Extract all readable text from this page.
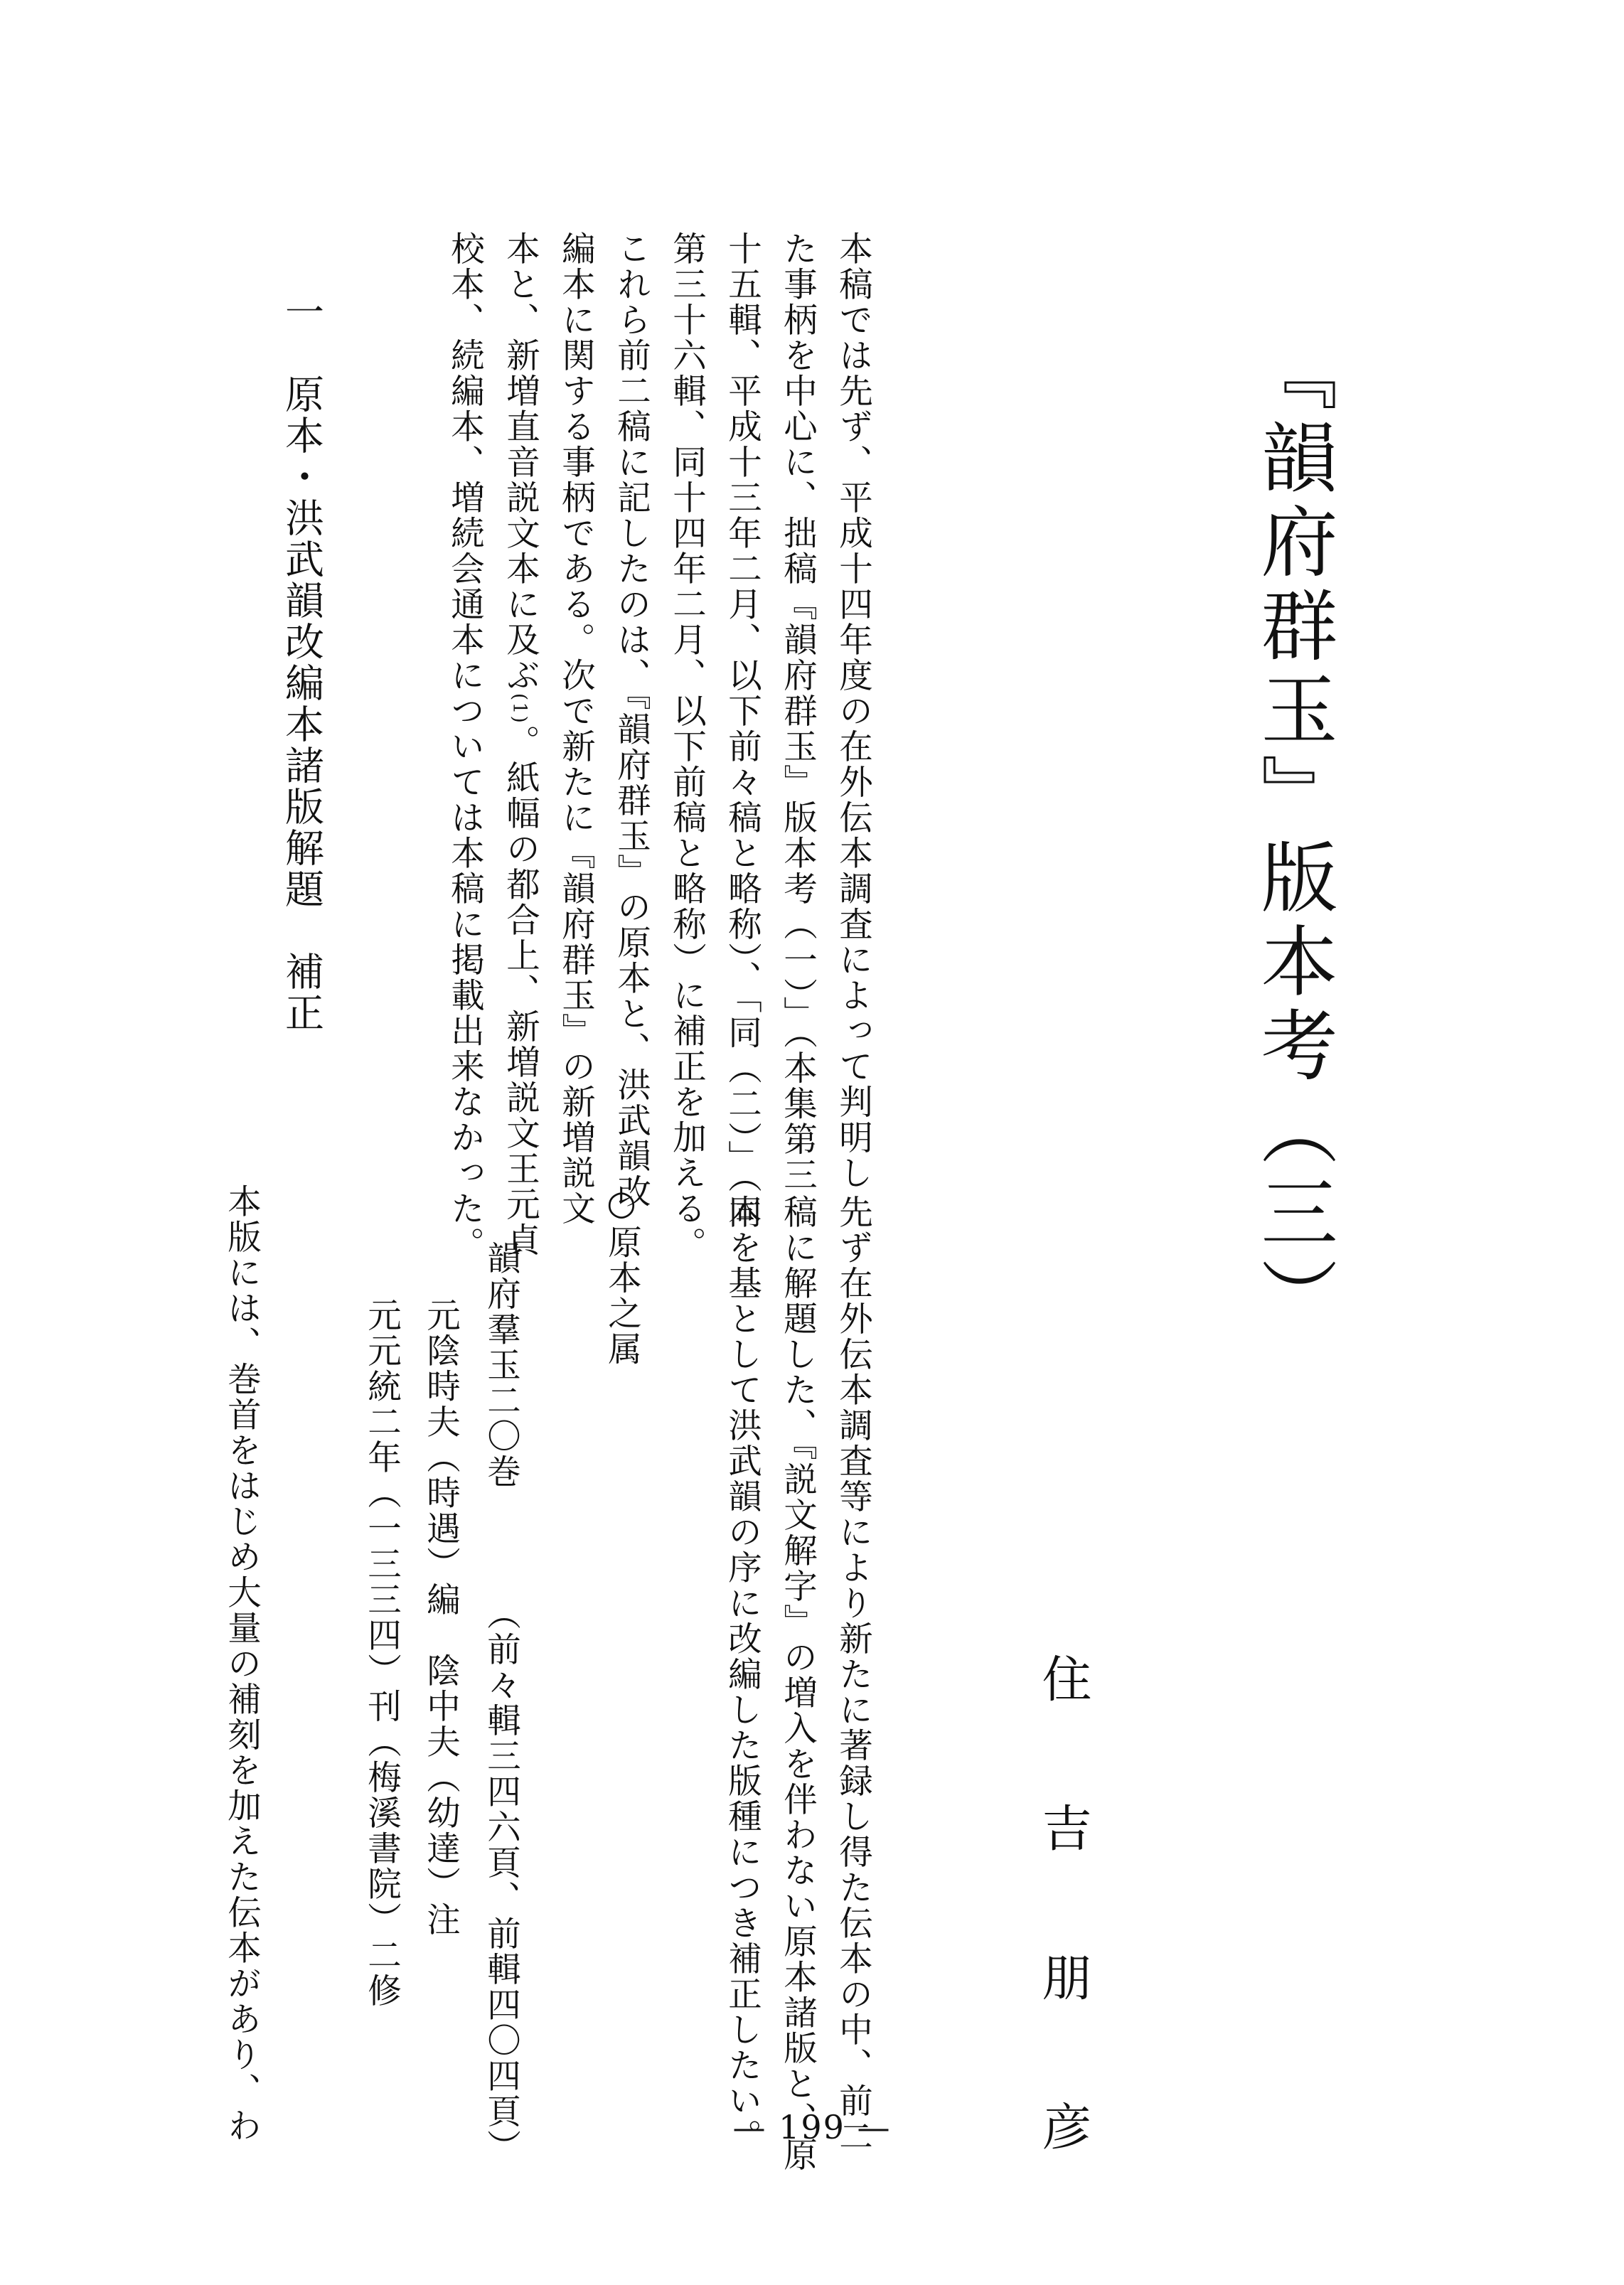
『韻府群玉』版本考（三）
住吉朋彦
本稿では先ず、平成十四年度の在外伝本調査によって判明し
た事柄を中心に、拙稿『韻府群玉』版本考（一）」（本集第三
十五輯、平成十三年二月、以下前々稿と略称）、「同（二）」（同
第三十六輯、同十四年二月、以下前稿と略称）に補正を加える。
これら前二稿に記したのは、『韻府群玉』の原本と、洪武韻改
編本に関する事柄である。次で新たに『韻府群玉』の新増説文
本と、新増直音説文本に及ぶ(1)。紙幅の都合上、新増説文王元貞
校本、続編本、増続会通本については本稿に掲載出来なかった。
一　原本・洪武韻改編本諸版解題　補正
先ず在外伝本調査等により新たに著録し得た伝本の中、前二
稿に解題した、『説文解字』の増入を伴わない原本諸版と、原
本を基として洪武韻の序に改編した版種につき補正したい。
○原本之属
韻府羣玉二〇巻
（前々輯三四六頁、前輯四〇四頁）
元陰時夫（時遇）編　陰中夫（幼達）注
元元統二年（一三三四）刊（梅溪書院）二修
本版には、巻首をはじめ大量の補刻を加えた伝本があり、わ	— 199 —
